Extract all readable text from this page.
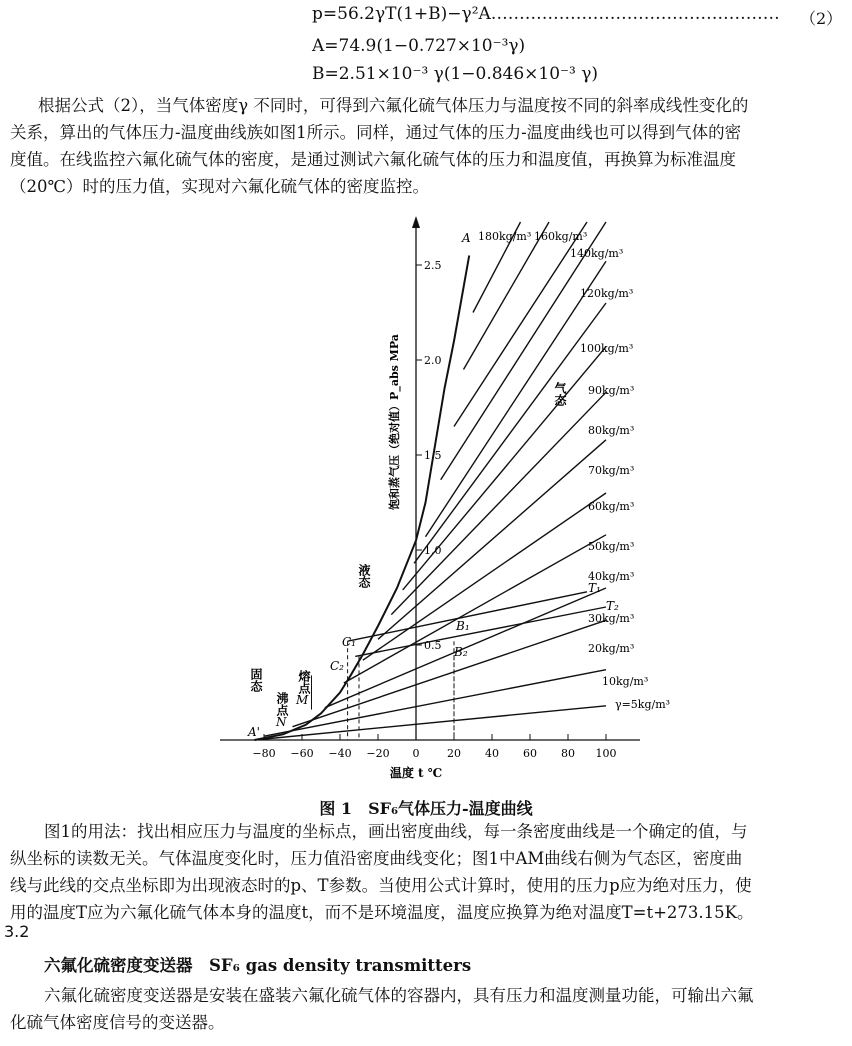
p=56.2γT(1+B)−γ²A…………………………………………… （2）
A=74.9(1−0.727×10⁻³γ)
B=2.51×10⁻³ γ(1−0.846×10⁻³ γ)
根据公式（2），当气体密度γ 不同时，可得到六氟化硫气体压力与温度按不同的斜率成线性变化的
关系，算出的气体压力-温度曲线族如图1所示。同样，通过气体的压力-温度曲线也可以得到气体的密
度值。在线监控六氟化硫气体的密度，是通过测试六氟化硫气体的压力和温度值，再换算为标准温度
（20℃）时的压力值，实现对六氟化硫气体的密度监控。
−80 −60 −40 −20 0	20 40 60 80 100
0.5
1.0
1.5
2.0
2.5
饱和蒸气压（绝对值）P_abs MPa
温度 t ℃
γ=5kg/m³
10kg/m³
20kg/m³
30kg/m³
40kg/m³
50kg/m³
60kg/m³
70kg/m³
80kg/m³
90kg/m³
100kg/m³
120kg/m³
140kg/m³
160kg/m³
180kg/m³
气态
液态
固态
沸点
熔点
A
A'
N
M
C₁
C₂
B₁
B₂
T₁
T₂
图 1　SF₆气体压力-温度曲线
图1的用法：找出相应压力与温度的坐标点，画出密度曲线，每一条密度曲线是一个确定的值，与
纵坐标的读数无关。气体温度变化时，压力值沿密度曲线变化；图1中AM曲线右侧为气态区，密度曲
线与此线的交点坐标即为出现液态时的p、T参数。当使用公式计算时，使用的压力p应为绝对压力，使
用的温度T应为六氟化硫气体本身的温度t，而不是环境温度，温度应换算为绝对温度T=t+273.15K。
3.2
六氟化硫密度变送器　SF₆ gas density transmitters
六氟化硫密度变送器是安装在盛装六氟化硫气体的容器内，具有压力和温度测量功能，可输出六氟
化硫气体密度信号的变送器。
